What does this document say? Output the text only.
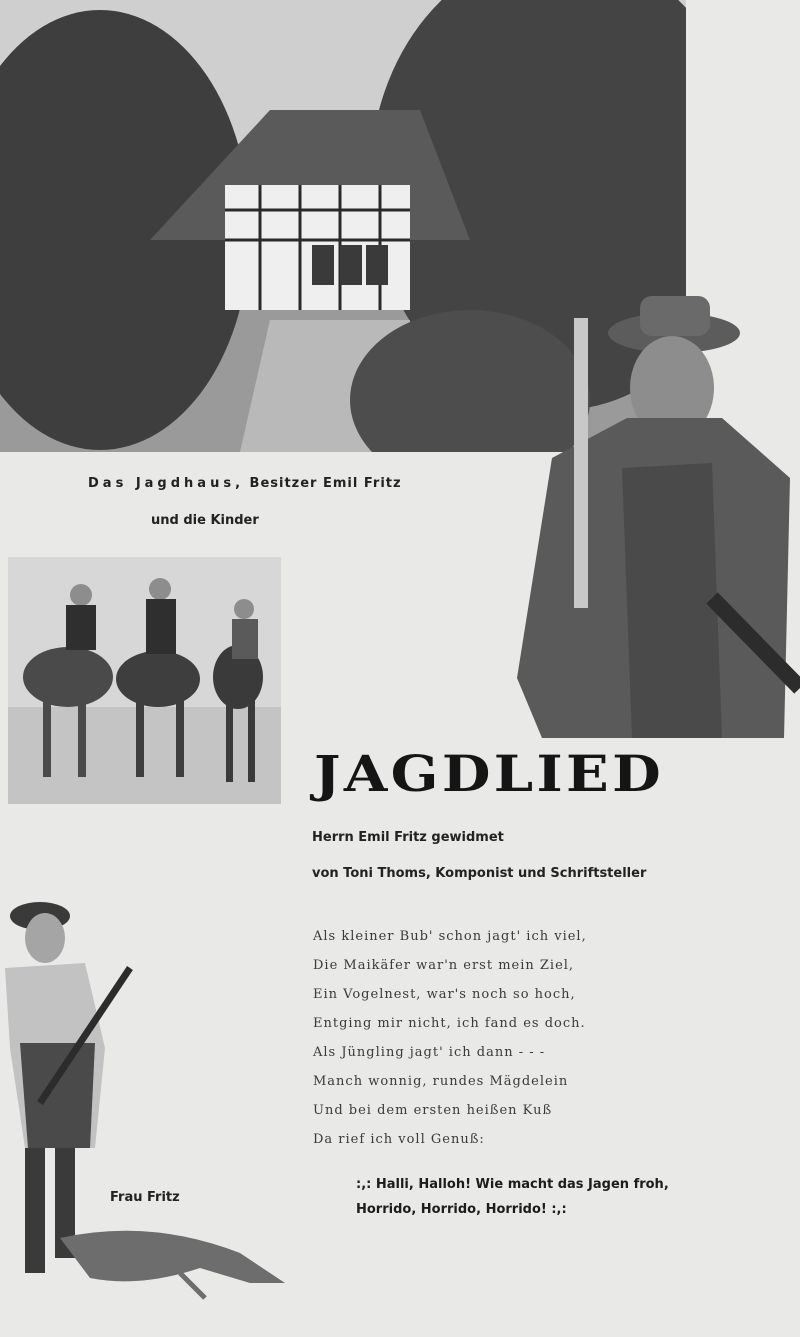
Das Jagdhaus, Besitzer Emil Fritz
und die Kinder
JAGDLIED
Herrn Emil Fritz gewidmet
von Toni Thoms, Komponist und Schriftsteller
Als kleiner Bub' schon jagt' ich viel,
Die Maikäfer war'n erst mein Ziel,
Ein Vogelnest, war's noch so hoch,
Entging mir nicht, ich fand es doch.
Als Jüngling jagt' ich dann - - -
Manch wonnig, rundes Mägdelein
Und bei dem ersten heißen Kuß
Da rief ich voll Genuß:
:,: Halli, Halloh! Wie macht das Jagen froh,
Horrido, Horrido, Horrido! :,:
Frau Fritz
